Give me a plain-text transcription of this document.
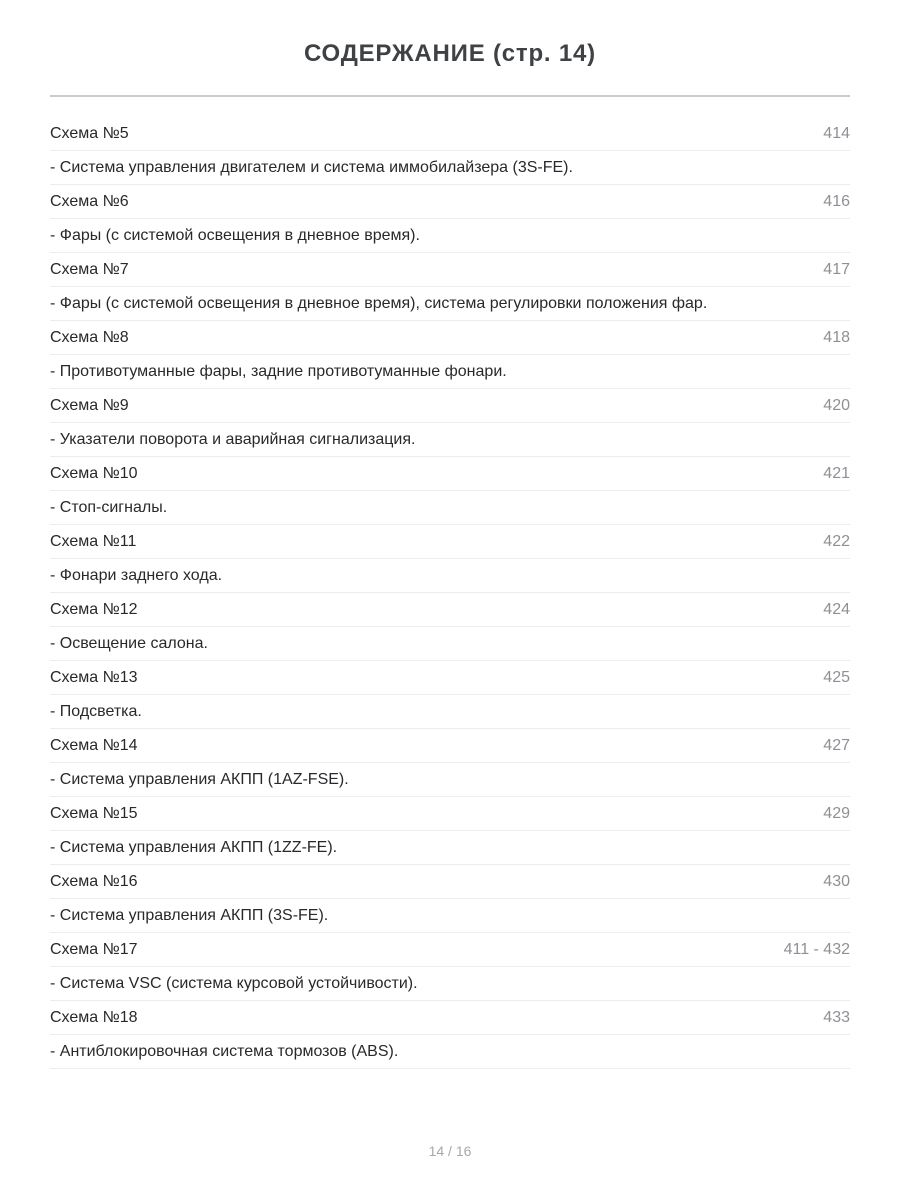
СОДЕРЖАНИЕ (стр. 14)
Схема №5	414
- Система управления двигателем и система иммобилайзера (3S-FE).
Схема №6	416
- Фары (с системой освещения в дневное время).
Схема №7	417
- Фары (с системой освещения в дневное время), система регулировки положения фар.
Схема №8	418
- Противотуманные фары, задние противотуманные фонари.
Схема №9	420
- Указатели поворота и аварийная сигнализация.
Схема №10	421
- Стоп-сигналы.
Схема №11	422
- Фонари заднего хода.
Схема №12	424
- Освещение салона.
Схема №13	425
- Подсветка.
Схема №14	427
- Система управления АКПП (1AZ-FSE).
Схема №15	429
- Система управления АКПП (1ZZ-FE).
Схема №16	430
- Система управления АКПП (3S-FE).
Схема №17	411 - 432
- Система VSC (система курсовой устойчивости).
Схема №18	433
- Антиблокировочная система тормозов (ABS).
14 / 16
